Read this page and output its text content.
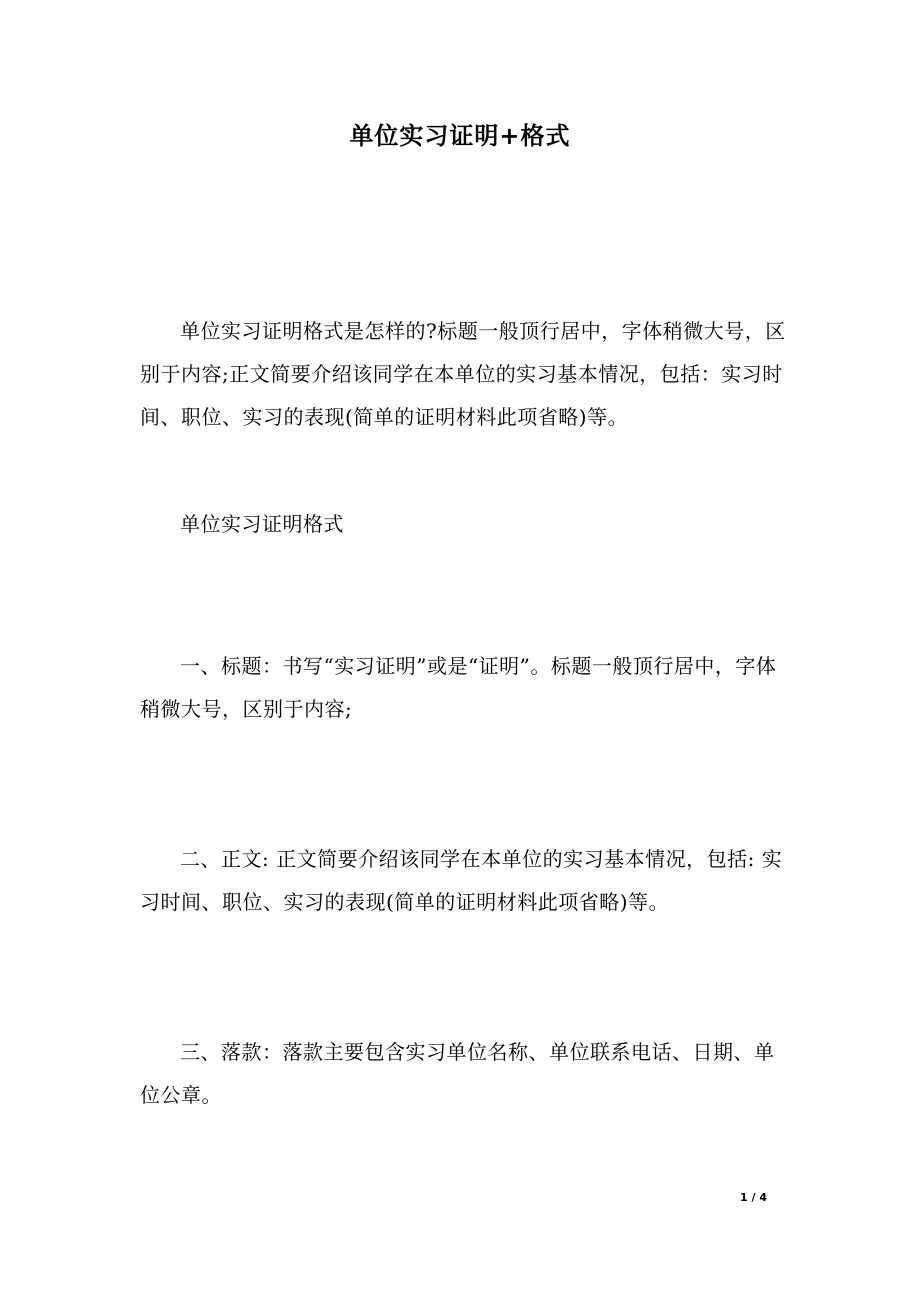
单位实习证明+格式
单位实习证明格式是怎样的?标题一般顶行居中，字体稍微大号，区别于内容;正文简要介绍该同学在本单位的实习基本情况，包括：实习时间、职位、实习的表现(简单的证明材料此项省略)等。
单位实习证明格式
一、标题：书写“实习证明”或是“证明”。标题一般顶行居中，字体稍微大号，区别于内容;
二、正文: 正文简要介绍该同学在本单位的实习基本情况，包括: 实习时间、职位、实习的表现(简单的证明材料此项省略)等。
三、落款：落款主要包含实习单位名称、单位联系电话、日期、单位公章。
1 / 4
